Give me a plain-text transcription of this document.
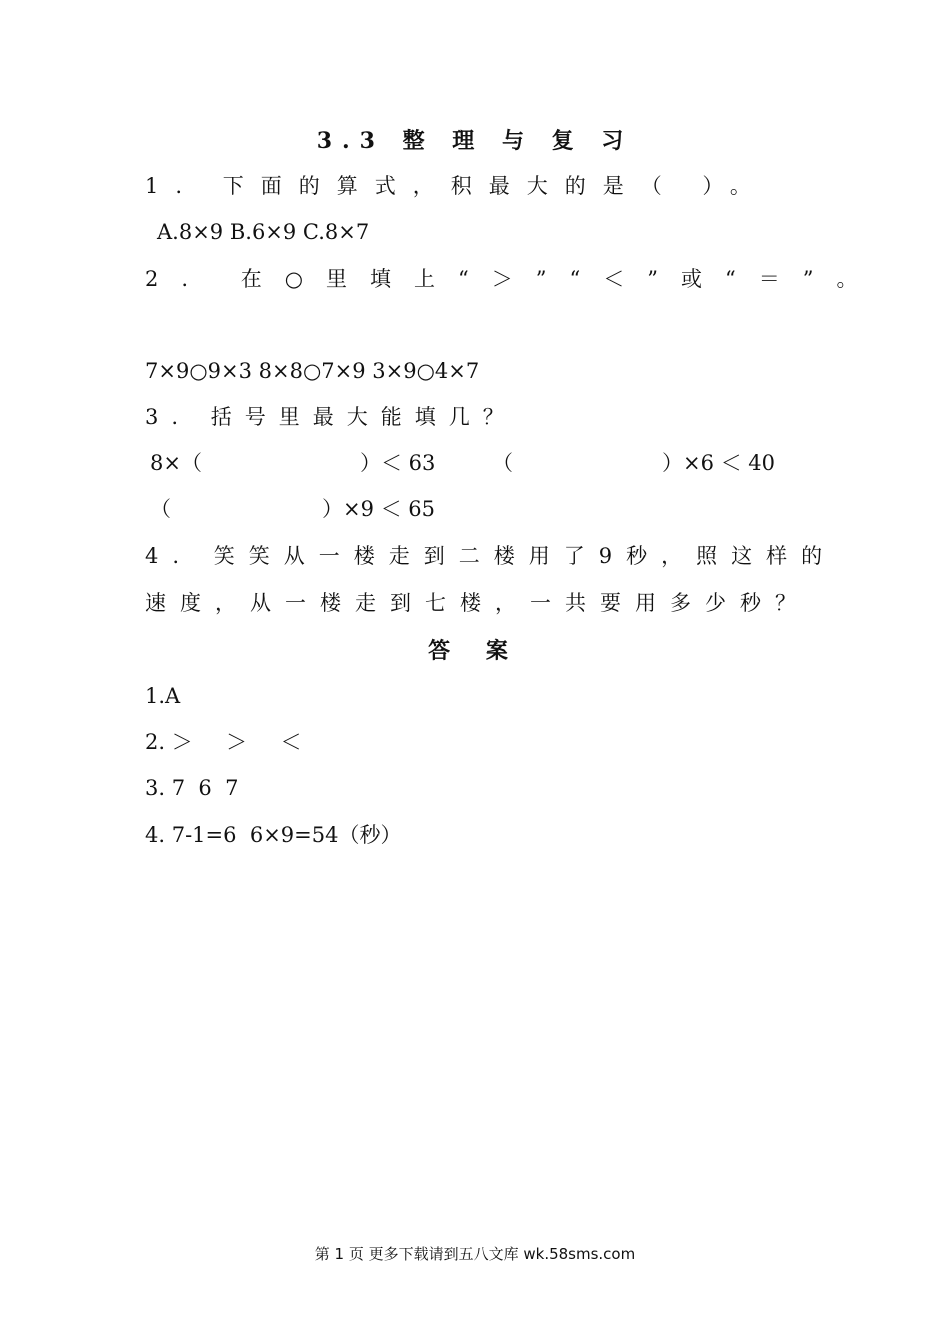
3.3 整 理 与 复 习
1. 下面的算式，积最大的是（ ）。
A.8×9 B.6×9 C.8×7
2. 在○里填上“＞”“＜”或“＝”。
7×9○9×3 8×8○7×9 3×9○4×7
3. 括号里最大能填几？
8×（	）＜ 63	（	）×6 ＜ 40
（	）×9 ＜ 65
4. 笑笑从一楼走到二楼用了9秒，照这样的
速度，从一楼走到七楼，一共要用多少秒？
答 案
1.A
2. ＞     ＞     ＜
3. 7  6  7
4. 7-1=6  6×9=54（秒）
第 1 页 更多下载请到五八文库 wk.58sms.com
